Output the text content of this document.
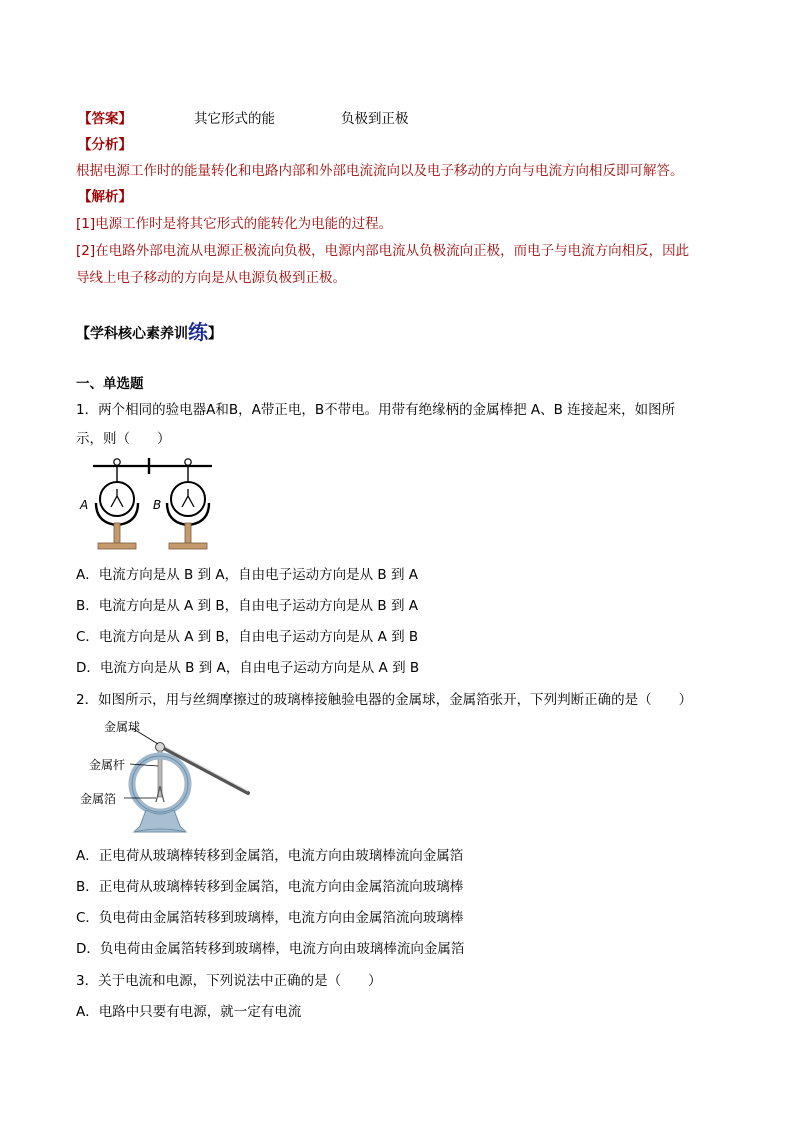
【答案】	其它形式的能	负极到正极
【分析】
根据电源工作时的能量转化和电路内部和外部电流流向以及电子移动的方向与电流方向相反即可解答。
【解析】
[1]电源工作时是将其它形式的能转化为电能的过程。
[2]在电路外部电流从电源正极流向负极，电源内部电流从负极流向正极，而电子与电流方向相反，因此
导线上电子移动的方向是从电源负极到正极。
【学科核心素养训练】
一、单选题
1．两个相同的验电器A和B，A带正电，B不带电。用带有绝缘柄的金属棒把 A、B 连接起来，如图所
示，则（　　）
A	B
A．电流方向是从 B 到 A，自由电子运动方向是从 B 到 A
B．电流方向是从 A 到 B，自由电子运动方向是从 B 到 A
C．电流方向是从 A 到 B，自由电子运动方向是从 A 到 B
D．电流方向是从 B 到 A，自由电子运动方向是从 A 到 B
2．如图所示，用与丝绸摩擦过的玻璃棒接触验电器的金属球，金属箔张开，下列判断正确的是（　　）
金属球
金属杆
金属箔
A．正电荷从玻璃棒转移到金属箔，电流方向由玻璃棒流向金属箔
B．正电荷从玻璃棒转移到金属箔，电流方向由金属箔流向玻璃棒
C．负电荷由金属箔转移到玻璃棒，电流方向由金属箔流向玻璃棒
D．负电荷由金属箔转移到玻璃棒，电流方向由玻璃棒流向金属箔
3．关于电流和电源，下列说法中正确的是（　　）
A．电路中只要有电源，就一定有电流
